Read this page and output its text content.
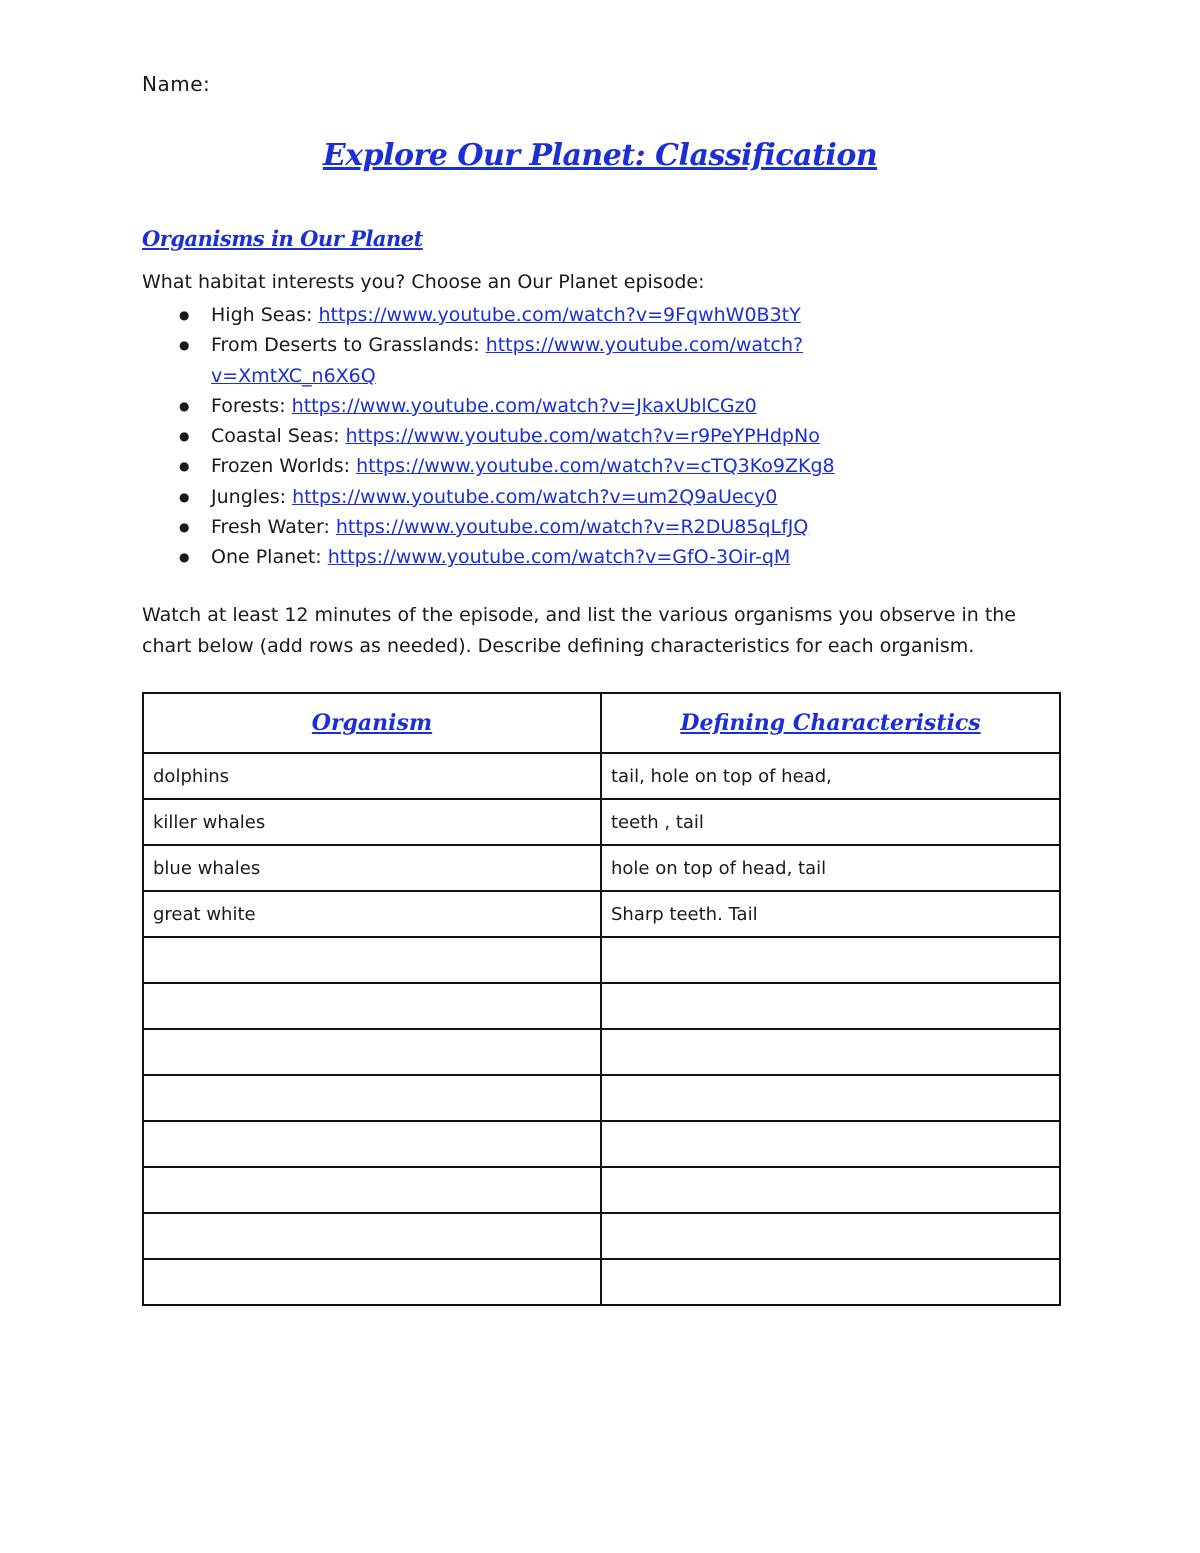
Name:
Explore Our Planet: Classification
Organisms in Our Planet
What habitat interests you? Choose an Our Planet episode:
● High Seas: https://www.youtube.com/watch?v=9FqwhW0B3tY
● From Deserts to Grasslands: https://www.youtube.com/watch?
v=XmtXC_n6X6Q
● Forests: https://www.youtube.com/watch?v=JkaxUblCGz0
● Coastal Seas: https://www.youtube.com/watch?v=r9PeYPHdpNo
● Frozen Worlds: https://www.youtube.com/watch?v=cTQ3Ko9ZKg8
● Jungles: https://www.youtube.com/watch?v=um2Q9aUecy0
● Fresh Water: https://www.youtube.com/watch?v=R2DU85qLfJQ
● One Planet: https://www.youtube.com/watch?v=GfO-3Oir-qM
Watch at least 12 minutes of the episode, and list the various organisms you observe in the chart below (add rows as needed). Describe defining characteristics for each organism.
Organism	Defining Characteristics
dolphins	tail, hole on top of head,
killer whales	teeth , tail
blue whales	hole on top of head, tail
great white	Sharp teeth. Tail
